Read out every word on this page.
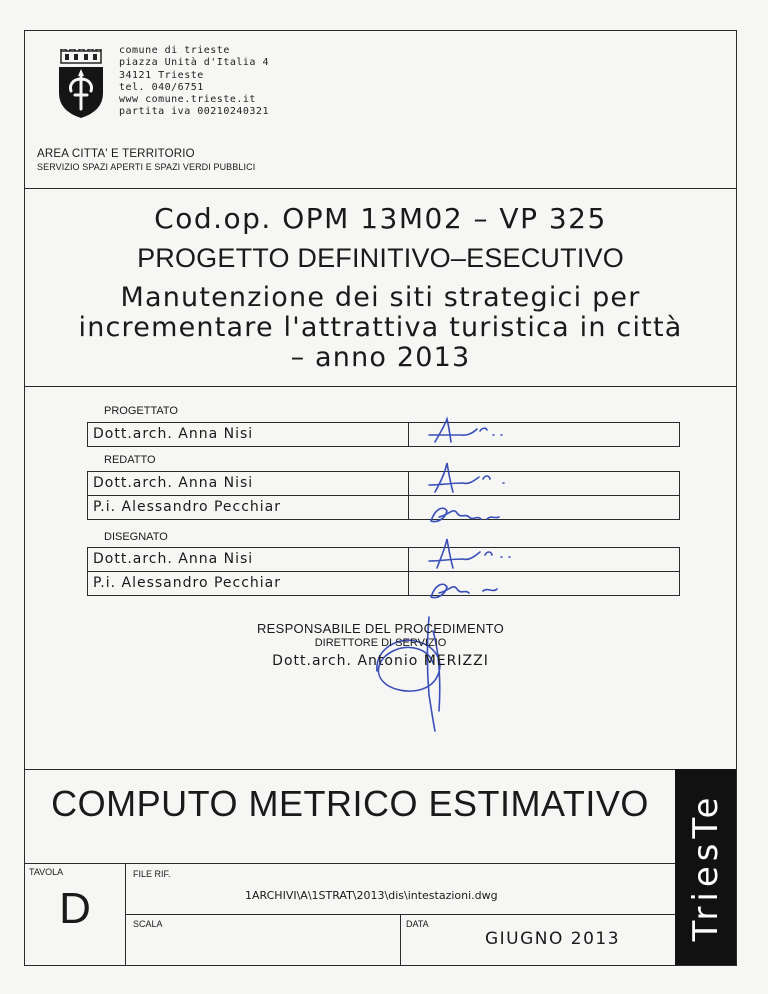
comune di trieste
piazza Unità d'Italia 4
34121 Trieste
tel. 040/6751
www comune.trieste.it
partita iva 00210240321
AREA CITTA' E TERRITORIO
SERVIZIO SPAZI APERTI E SPAZI VERDI PUBBLICI
Cod.op. OPM 13M02 – VP 325
PROGETTO DEFINITIVO–ESECUTIVO
Manutenzione dei siti strategici per
incrementare l'attrattiva turistica in città
– anno 2013
PROGETTATO
Dott.arch. Anna Nisi
REDATTO
Dott.arch. Anna Nisi
P.i. Alessandro Pecchiar
DISEGNATO
Dott.arch. Anna Nisi
P.i. Alessandro Pecchiar
RESPONSABILE DEL PROCEDIMENTO
DIRETTORE DI SERVIZIO
Dott.arch. Antonio MERIZZI
COMPUTO METRICO ESTIMATIVO
TAVOLA
D
FILE RIF.
1ARCHIVI\A\1STRAT\2013\dis\intestazioni.dwg
SCALA	DATA
GIUGNO 2013 TriesTe
